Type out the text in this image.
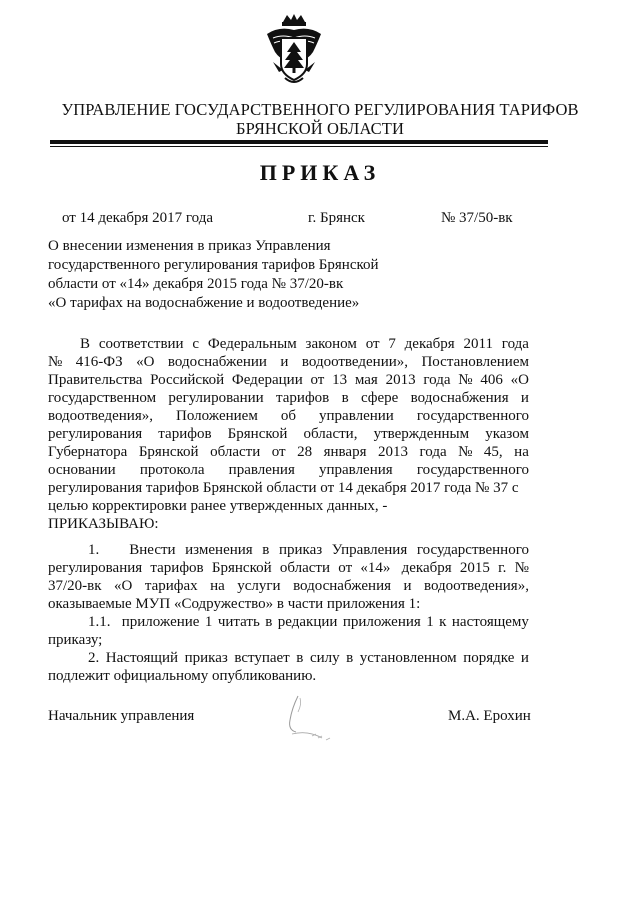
УПРАВЛЕНИЕ ГОСУДАРСТВЕННОГО РЕГУЛИРОВАНИЯ ТАРИФОВ
БРЯНСКОЙ ОБЛАСТИ
ПРИКАЗ
от 14 декабря 2017 года	г. Брянск	№ 37/50-вк
О внесении изменения в приказ Управления
государственного регулирования тарифов Брянской
области от «14» декабря 2015 года № 37/20-вк
«О тарифах на водоснабжение и водоотведение»
В соответствии с Федеральным законом от 7 декабря 2011 года
№ 416-ФЗ «О водоснабжении и водоотведении», Постановлением
Правительства Российской Федерации от 13 мая 2013 года № 406 «О
государственном регулировании тарифов в сфере водоснабжения и
водоотведения», Положением об управлении государственного
регулирования тарифов Брянской области, утвержденным указом
Губернатора Брянской области от 28 января 2013 года № 45, на
основании протокола правления управления государственного
регулирования тарифов Брянской области от 14 декабря 2017 года № 37 с
целью корректировки ранее утвержденных данных, -
ПРИКАЗЫВАЮ:
1.        Внести изменения в приказ Управления государственного
регулирования тарифов Брянской области от «14»   декабря 2015 г. №
37/20-вк «О тарифах на услуги водоснабжения и водоотведения»,
оказываемые МУП «Содружество» в части приложения 1:
1.1.   приложение 1 читать в редакции приложения 1 к настоящему
приказу;
2. Настоящий приказ вступает в силу в установленном порядке и
подлежит официальному опубликованию.
Начальник управления	М.А. Ерохин
